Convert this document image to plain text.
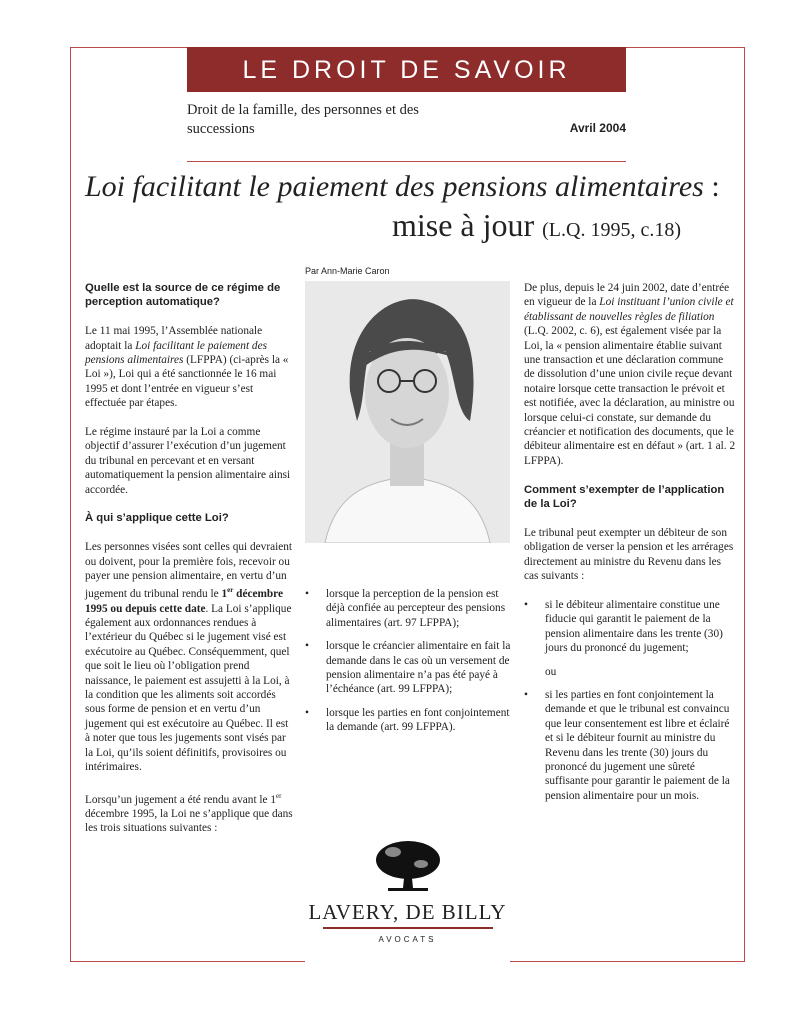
LE DROIT DE SAVOIR
Droit de la famille, des personnes et des successions	Avril 2004
Loi facilitant le paiement des pensions alimentaires :
mise à jour (L.Q. 1995, c.18)
Par Ann-Marie Caron
Quelle est la source de ce régime de perception automatique?

Le 11 mai 1995, l’Assemblée nationale adoptait la Loi facilitant le paiement des pensions alimentaires (LFPPA) (ci-après la « Loi »), Loi qui a été sanctionnée le 16 mai 1995 et dont l’entrée en vigueur s’est effectuée par étapes.

Le régime instauré par la Loi a comme objectif d’assurer l’exécution d’un jugement du tribunal en percevant et en versant automatiquement la pension alimentaire ainsi accordée.

À qui s’applique cette Loi?

Les personnes visées sont celles qui devraient ou doivent, pour la première fois, recevoir ou payer une pension alimentaire, en vertu d’un jugement du tribunal rendu le 1er décembre 1995 ou depuis cette date. La Loi s’applique également aux ordonnances rendues à l’extérieur du Québec si le jugement visé est exécutoire au Québec. Conséquemment, quel que soit le lieu où l’obligation prend naissance, le paiement est assujetti à la Loi, à la condition que les aliments soit accordés sous forme de pension et en vertu d’un jugement qui est exécutoire au Québec. Il est à noter que tous les jugements sont visés par la Loi, qu’ils soient définitifs, provisoires ou intérimaires.

Lorsqu’un jugement a été rendu avant le 1er décembre 1995, la Loi ne s’applique que dans les trois situations suivantes :

• lorsque la perception de la pension est déjà confiée au percepteur des pensions alimentaires (art. 97 LFPPA);

• lorsque le créancier alimentaire en fait la demande dans le cas où un versement de pension alimentaire n’a pas été payé à l’échéance (art. 99 LFPPA);

• lorsque les parties en font conjointement la demande (art. 99 LFPPA).

De plus, depuis le 24 juin 2002, date d’entrée en vigueur de la Loi instituant l’union civile et établissant de nouvelles règles de filiation (L.Q. 2002, c. 6), est également visée par la Loi, la « pension alimentaire établie suivant une transaction et une déclaration commune de dissolution d’une union civile reçue devant notaire lorsque cette transaction le prévoit et est notifiée, avec la déclaration, au ministre ou lorsque celui-ci constate, sur demande du créancier et notification des documents, que le débiteur alimentaire est en défaut » (art. 1 al. 2 LFPPA).

Comment s’exempter de l’application de la Loi?

Le tribunal peut exempter un débiteur de son obligation de verser la pension et les arrérages directement au ministre du Revenu dans les cas suivants :

• si le débiteur alimentaire constitue une fiducie qui garantit le paiement de la pension alimentaire dans les trente (30) jours du prononcé du jugement;

ou

• si les parties en font conjointement la demande et que le tribunal est convaincu que leur consentement est libre et éclairé et si le débiteur fournit au ministre du Revenu dans les trente (30) jours du prononcé du jugement une sûreté suffisante pour garantir le paiement de la pension alimentaire pour un mois.

LAVERY, DE BILLY
AVOCATS
